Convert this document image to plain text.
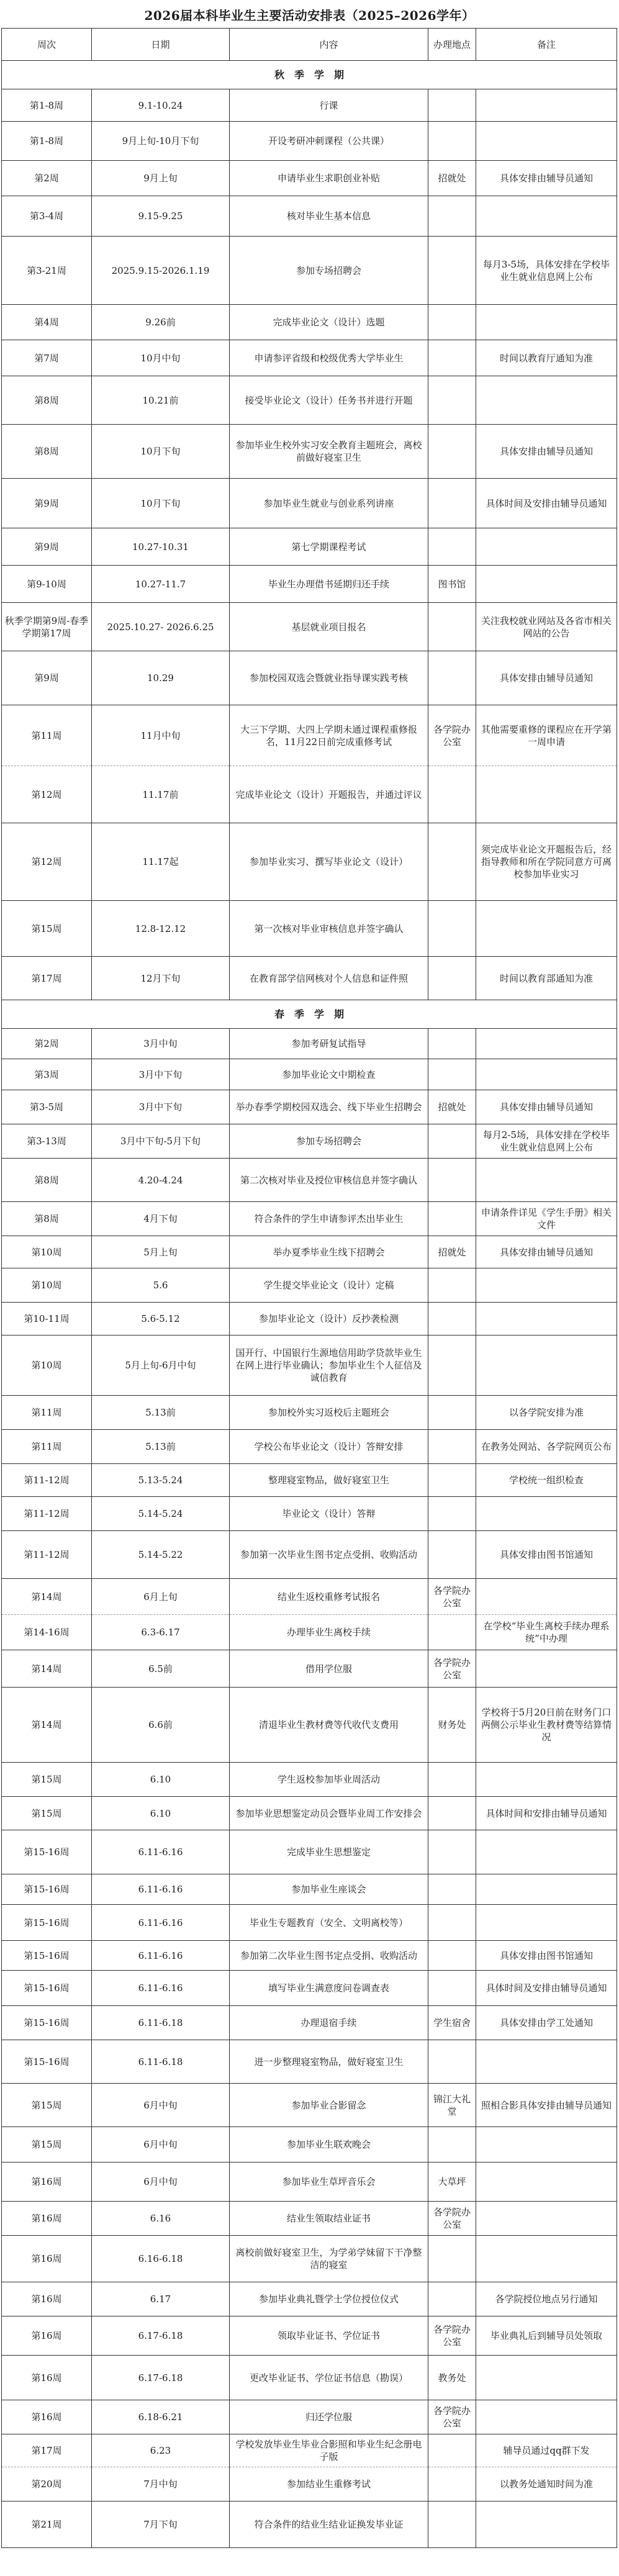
2026届本科毕业生主要活动安排表（2025–2026学年）
周次	日期	内容	办理地点	备注
秋　季　学　期				
第1-8周	9.1-10.24	行课		
第1-8周	9月上旬-10月下旬	开设考研冲刺课程（公共课）		
第2周	9月上旬	申请毕业生求职创业补贴	招就处	具体安排由辅导员通知
第3-4周	9.15-9.25	核对毕业生基本信息		
第3-21周	2025.9.15-2026.1.19	参加专场招聘会		每月3-5场，具体安排在学校毕业生就业信息网上公布
第4周	9.26前	完成毕业论文（设计）选题		
第7周	10月中旬	申请参评省级和校级优秀大学毕业生		时间以教育厅通知为准
第8周	10.21前	接受毕业论文（设计）任务书并进行开题		
第8周	10月下旬	参加毕业生校外实习安全教育主题班会，离校前做好寝室卫生		具体安排由辅导员通知
第9周	10月下旬	参加毕业生就业与创业系列讲座		具体时间及安排由辅导员通知
第9周	10.27-10.31	第七学期课程考试		
第9-10周	10.27-11.7	毕业生办理借书延期归还手续	图书馆	
秋季学期第9周-春季学期第17周	2025.10.27- 2026.6.25	基层就业项目报名		关注我校就业网站及各省市相关网站的公告
第9周	10.29	参加校园双选会暨就业指导课实践考核		具体安排由辅导员通知
第11周	11月中旬	大三下学期、大四上学期未通过课程重修报名，11月22日前完成重修考试	各学院办公室	其他需要重修的课程应在开学第一周申请
第12周	11.17前	完成毕业论文（设计）开题报告，并通过评议		
第12周	11.17起	参加毕业实习、撰写毕业论文（设计）		须完成毕业论文开题报告后，经指导教师和所在学院同意方可离校参加毕业实习
第15周	12.8-12.12	第一次核对毕业审核信息并签字确认		
第17周	12月下旬	在教育部学信网核对个人信息和证件照		时间以教育部通知为准
春　季　学　期				
第2周	3月中旬	参加考研复试指导		
第3周	3月中下旬	参加毕业论文中期检查		
第3-5周	3月中下旬	举办春季学期校园双选会、线下毕业生招聘会	招就处	具体安排由辅导员通知
第3-13周	3月中下旬-5月下旬	参加专场招聘会		每月2-5场，具体安排在学校毕业生就业信息网上公布
第8周	4.20-4.24	第二次核对毕业及授位审核信息并签字确认		
第8周	4月下旬	符合条件的学生申请参评杰出毕业生		申请条件详见《学生手册》相关文件
第10周	5月上旬	举办夏季毕业生线下招聘会	招就处	具体安排由辅导员通知
第10周	5.6	学生提交毕业论文（设计）定稿		
第10-11周	5.6-5.12	参加毕业论文（设计）反抄袭检测		
第10周	5月上旬-6月中旬	国开行、中国银行生源地信用助学贷款毕业生在网上进行毕业确认；参加毕业生个人征信及诚信教育		
第11周	5.13前	参加校外实习返校后主题班会		以各学院安排为准
第11周	5.13前	学校公布毕业论文（设计）答辩安排		在教务处网站、各学院网页公布
第11-12周	5.13-5.24	整理寝室物品，做好寝室卫生		学校统一组织检查
第11-12周	5.14-5.24	毕业论文（设计）答辩		
第11-12周	5.14-5.22	参加第一次毕业生图书定点受捐、收购活动		具体安排由图书馆通知
第14周	6月上旬	结业生返校重修考试报名	各学院办公室	
第14-16周	6.3-6.17	办理毕业生离校手续		在学校“毕业生离校手续办理系统”中办理
第14周	6.5前	借用学位服	各学院办公室	
第14周	6.6前	清退毕业生教材费等代收代支费用	财务处	学校将于5月20日前在财务门口两侧公示毕业生教材费等结算情况
第15周	6.10	学生返校参加毕业周活动		
第15周	6.10	参加毕业思想鉴定动员会暨毕业周工作安排会		具体时间和安排由辅导员通知
第15-16周	6.11-6.16	完成毕业生思想鉴定		
第15-16周	6.11-6.16	参加毕业生座谈会		
第15-16周	6.11-6.16	毕业生专题教育（安全、文明离校等）		
第15-16周	6.11-6.16	参加第二次毕业生图书定点受捐、收购活动		具体安排由图书馆通知
第15-16周	6.11-6.16	填写毕业生满意度问卷调查表		具体时间及安排由辅导员通知
第15-16周	6.11-6.18	办理退宿手续	学生宿舍	具体安排由学工处通知
第15-16周	6.11-6.18	进一步整理寝室物品，做好寝室卫生		
第15周	6月中旬	参加毕业合影留念	锦江大礼堂	照相合影具体安排由辅导员通知
第15周	6月中旬	参加毕业生联欢晚会		
第16周	6月中旬	参加毕业生草坪音乐会	大草坪	
第16周	6.16	结业生领取结业证书	各学院办公室	
第16周	6.16-6.18	离校前做好寝室卫生，为学弟学妹留下干净整洁的寝室		
第16周	6.17	参加毕业典礼暨学士学位授位仪式		各学院授位地点另行通知
第16周	6.17-6.18	领取毕业证书、学位证书	各学院办公室	毕业典礼后到辅导员处领取
第16周	6.17-6.18	更改毕业证书、学位证书信息（勘误）	教务处	
第16周	6.18-6.21	归还学位服	各学院办公室	
第17周	6.23	学校发放毕业生毕业合影照和毕业生纪念册电子版		辅导员通过qq群下发
第20周	7月中旬	参加结业生重修考试		以教务处通知时间为准
第21周	7月下旬	符合条件的结业生结业证换发毕业证		
